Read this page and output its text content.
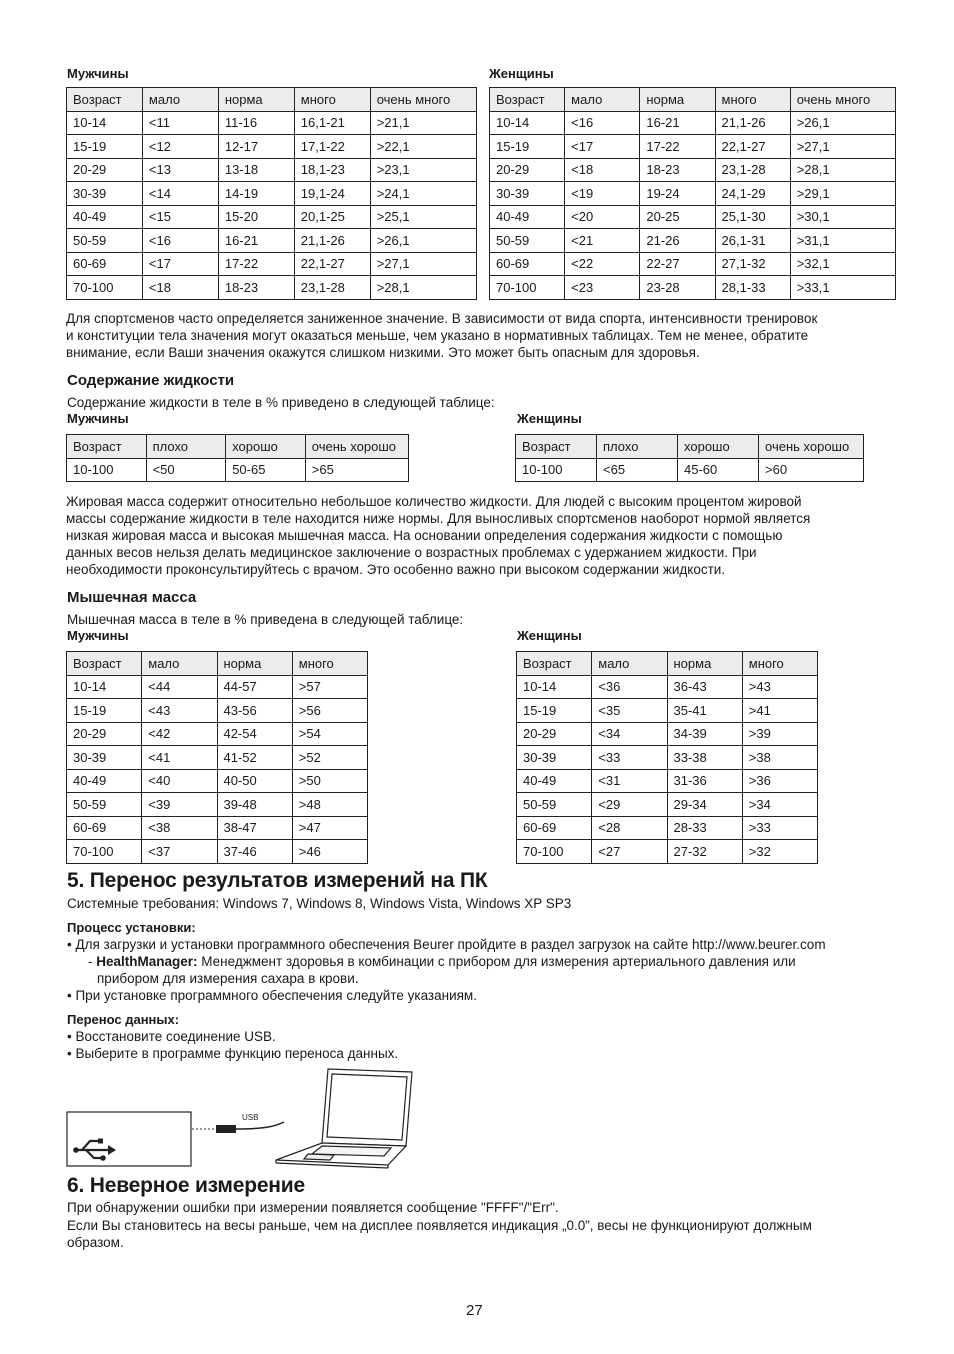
Мужчины
Возраст	мало	норма	много	очень много
10-14	<11	11-16	16,1-21	>21,1
15-19	<12	12-17	17,1-22	>22,1
20-29	<13	13-18	18,1-23	>23,1
30-39	<14	14-19	19,1-24	>24,1
40-49	<15	15-20	20,1-25	>25,1
50-59	<16	16-21	21,1-26	>26,1
60-69	<17	17-22	22,1-27	>27,1
70-100	<18	18-23	23,1-28	>28,1
Женщины
Возраст	мало	норма	много	очень много
10-14	<16	16-21	21,1-26	>26,1
15-19	<17	17-22	22,1-27	>27,1
20-29	<18	18-23	23,1-28	>28,1
30-39	<19	19-24	24,1-29	>29,1
40-49	<20	20-25	25,1-30	>30,1
50-59	<21	21-26	26,1-31	>31,1
60-69	<22	22-27	27,1-32	>32,1
70-100	<23	23-28	28,1-33	>33,1
Для спортсменов часто определяется заниженное значение. В зависимости от вида спорта, интенсивности тренировок
и конституции тела значения могут оказаться меньше, чем указано в нормативных таблицах. Тем не менее, обратите
внимание, если Ваши значения окажутся слишком низкими. Это может быть опасным для здоровья.
Содержание жидкости
Содержание жидкости в теле в % приведено в следующей таблице:
Мужчины
Возраст	плохо	хорошо	очень хорошо
10-100	<50	50-65	>65
Женщины
Возраст	плохо	хорошо	очень хорошо
10-100	<65	45-60	>60
Жировая масса содержит относительно небольшое количество жидкости. Для людей с высоким процентом жировой
массы содержание жидкости в теле находится ниже нормы. Для выносливых спортсменов наоборот нормой является
низкая жировая масса и высокая мышечная масса. На основании определения содержания жидкости с помощью
данных весов нельзя делать медицинское заключение о возрастных проблемах с удержанием жидкости. При
необходимости проконсультируйтесь с врачом. Это особенно важно при высоком содержании жидкости.
Мышечная масса
Мышечная масса в теле в % приведена в следующей таблице:
Мужчины
Возраст	мало	норма	много
10-14	<44	44-57	>57
15-19	<43	43-56	>56
20-29	<42	42-54	>54
30-39	<41	41-52	>52
40-49	<40	40-50	>50
50-59	<39	39-48	>48
60-69	<38	38-47	>47
70-100	<37	37-46	>46
Женщины
Возраст	мало	норма	много
10-14	<36	36-43	>43
15-19	<35	35-41	>41
20-29	<34	34-39	>39
30-39	<33	33-38	>38
40-49	<31	31-36	>36
50-59	<29	29-34	>34
60-69	<28	28-33	>33
70-100	<27	27-32	>32
5. Перенос результатов измерений на ПК
Системные требования: Windows 7, Windows 8, Windows Vista, Windows XP SP3
Процесс установки:
• Для загрузки и установки программного обеспечения Beurer пройдите в раздел загрузок на сайте http://www.beurer.com
- HealthManager: Менеджмент здоровья в комбинации с прибором для измерения артериального давления или
прибором для измерения сахара в крови.
• При установке программного обеспечения следуйте указаниям.
Перенос данных:
• Восстановите соединение USB.
• Выберите в программе функцию переноса данных.
USB
6. Неверное измерение
При обнаружении ошибки при измерении появляется сообщение "FFFF"/"Err".
Если Вы становитесь на весы раньше, чем на дисплее появляется индикация „0.0”, весы не функционируют должным
образом.
27
